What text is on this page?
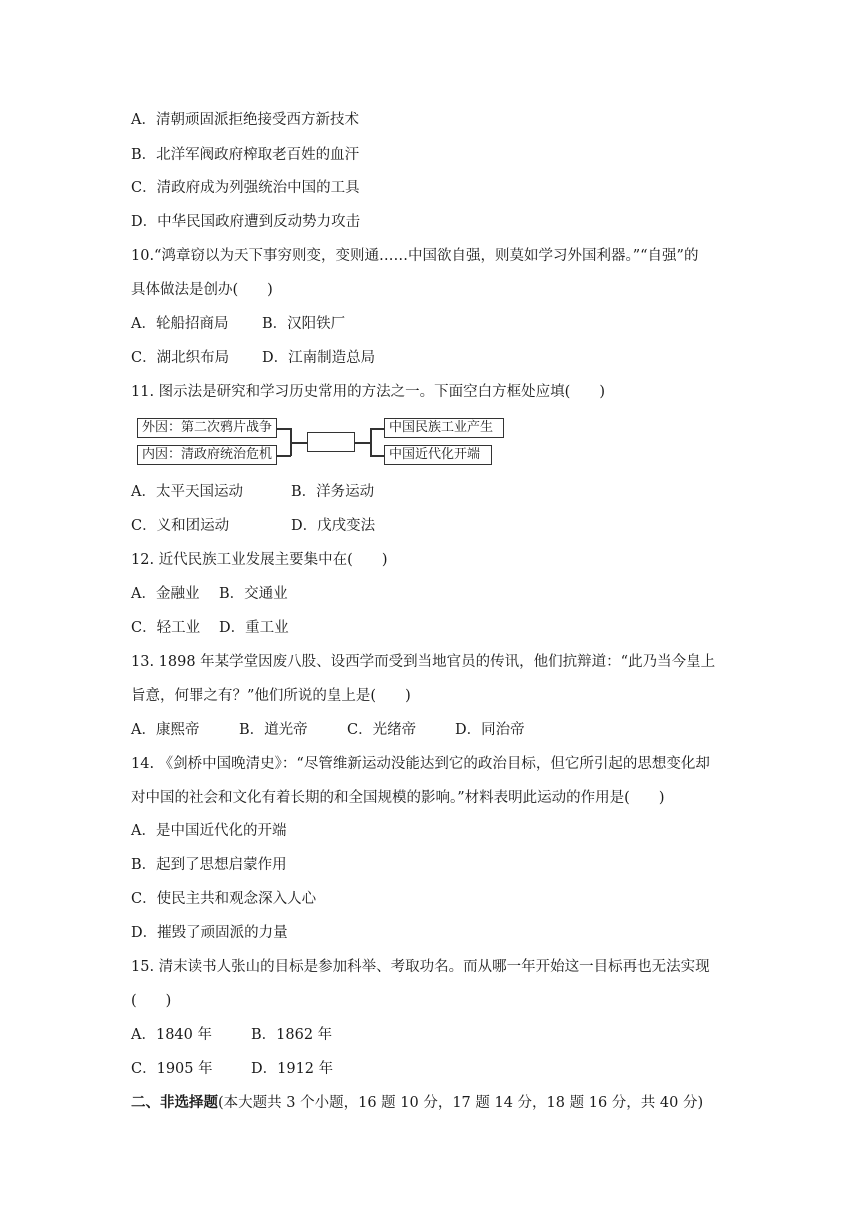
A．清朝顽固派拒绝接受西方新技术
B．北洋军阀政府榨取老百姓的血汗
C．清政府成为列强统治中国的工具
D．中华民国政府遭到反动势力攻击
10.“鸿章窃以为天下事穷则变，变则通……中国欲自强，则莫如学习外国利器。”“自强”的
具体做法是创办(　　)
A．轮船招商局 B．汉阳铁厂
C．湖北织布局 D．江南制造总局
11. 图示法是研究和学习历史常用的方法之一。下面空白方框处应填(　　)
外因：第二次鸦片战争
内因：清政府统治危机
中国民族工业产生
中国近代化开端
A．太平天国运动	B．洋务运动
C．义和团运动	D．戊戌变法
12. 近代民族工业发展主要集中在(　　)
A．金融业 B．交通业
C．轻工业 D．重工业
13. 1898 年某学堂因废八股、设西学而受到当地官员的传讯，他们抗辩道：“此乃当今皇上
旨意，何罪之有？”他们所说的皇上是(　　)
A．康熙帝	B．道光帝	C．光绪帝	D．同治帝
14. 《剑桥中国晚清史》：“尽管维新运动没能达到它的政治目标，但它所引起的思想变化却
对中国的社会和文化有着长期的和全国规模的影响。”材料表明此运动的作用是(　　)
A．是中国近代化的开端
B．起到了思想启蒙作用
C．使民主共和观念深入人心
D．摧毁了顽固派的力量
15. 清末读书人张山的目标是参加科举、考取功名。而从哪一年开始这一目标再也无法实现
(　　)
A．1840 年	B．1862 年
C．1905 年	D．1912 年
二、非选择题(本大题共 3 个小题，16 题 10 分，17 题 14 分，18 题 16 分，共 40 分)
